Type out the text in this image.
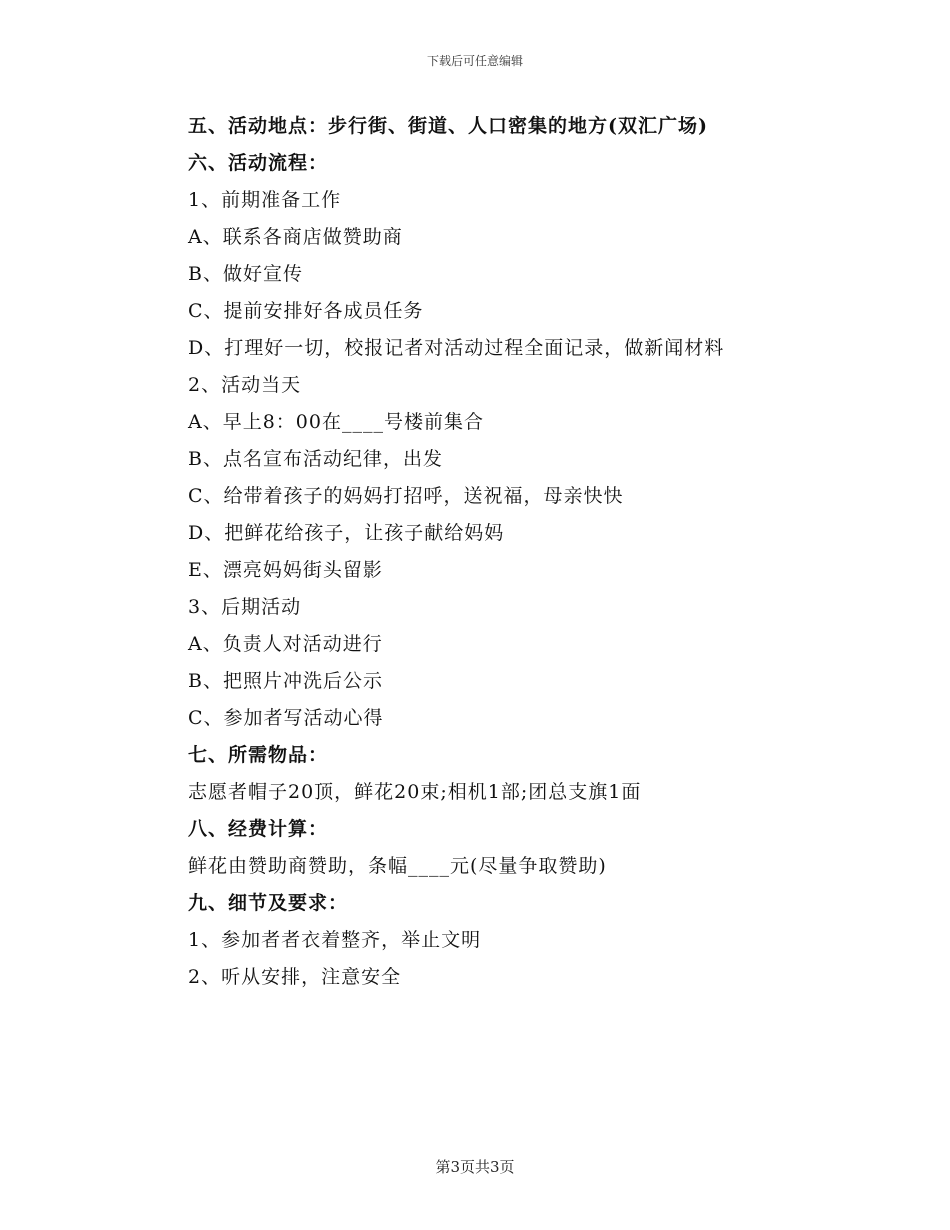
下载后可任意编辑
五、活动地点：步行街、街道、人口密集的地方(双汇广场)
六、活动流程：
1、前期准备工作
A、联系各商店做赞助商
B、做好宣传
C、提前安排好各成员任务
D、打理好一切，校报记者对活动过程全面记录，做新闻材料
2、活动当天
A、早上8：00在____号楼前集合
B、点名宣布活动纪律，出发
C、给带着孩子的妈妈打招呼，送祝福，母亲快快
D、把鲜花给孩子，让孩子献给妈妈
E、漂亮妈妈街头留影
3、后期活动
A、负责人对活动进行
B、把照片冲洗后公示
C、参加者写活动心得
七、所需物品：
志愿者帽子20顶，鲜花20束;相机1部;团总支旗1面
八、经费计算：
鲜花由赞助商赞助，条幅____元(尽量争取赞助)
九、细节及要求：
1、参加者者衣着整齐，举止文明
2、听从安排，注意安全
第3页共3页
